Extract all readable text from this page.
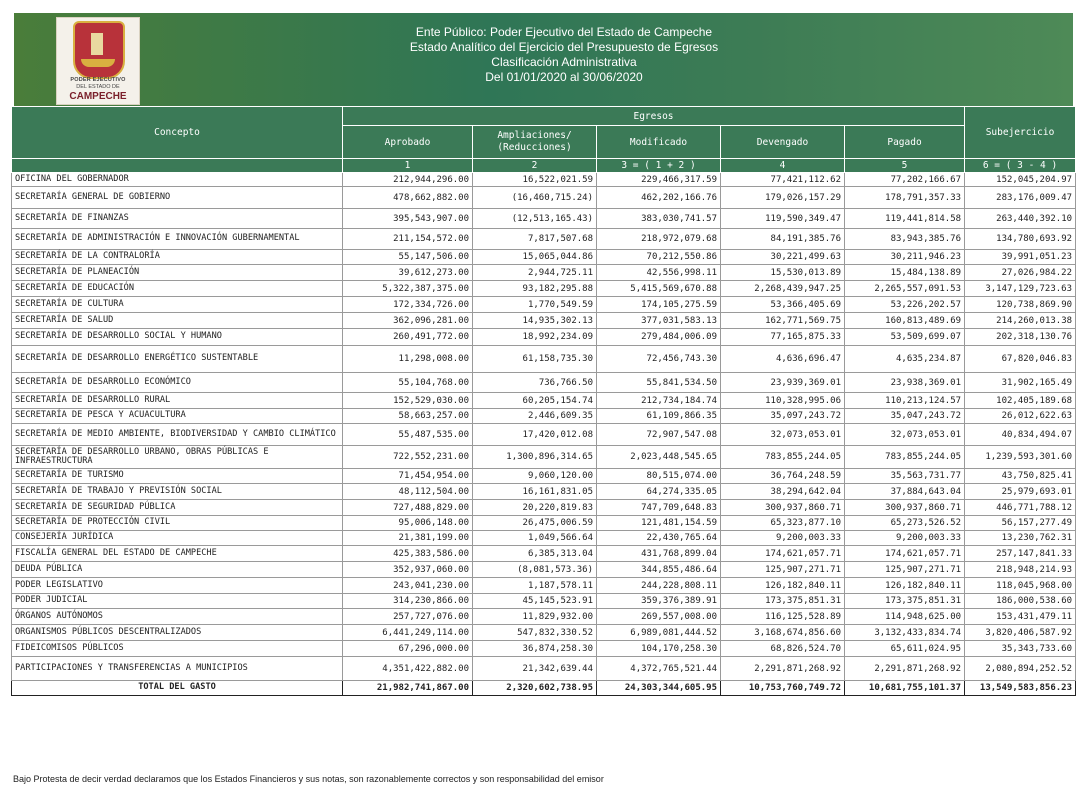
PODER EJECUTIVO
DEL ESTADO DE
CAMPECHE
Ente Público: Poder Ejecutivo del Estado de Campeche
Estado Analítico del Ejercicio del Presupuesto de Egresos
Clasificación Administrativa
Del 01/01/2020 al 30/06/2020
Concepto	Egresos					Subejercicio
	Aprobado	Ampliaciones/ (Reducciones)	Modificado	Devengado	Pagado	
	1	2	3 = ( 1 + 2 )	4	5	6 = ( 3 - 4 )
OFICINA DEL GOBERNADOR	212,944,296.00	16,522,021.59	229,466,317.59	77,421,112.62	77,202,166.67	152,045,204.97
SECRETARÍA GENERAL DE GOBIERNO	478,662,882.00	(16,460,715.24)	462,202,166.76	179,026,157.29	178,791,357.33	283,176,009.47
SECRETARÍA DE FINANZAS	395,543,907.00	(12,513,165.43)	383,030,741.57	119,590,349.47	119,441,814.58	263,440,392.10
SECRETARÍA DE ADMINISTRACIÓN E INNOVACIÓN GUBERNAMENTAL	211,154,572.00	7,817,507.68	218,972,079.68	84,191,385.76	83,943,385.76	134,780,693.92
SECRETARÍA DE LA CONTRALORÍA	55,147,506.00	15,065,044.86	70,212,550.86	30,221,499.63	30,211,946.23	39,991,051.23
SECRETARÍA DE PLANEACIÓN	39,612,273.00	2,944,725.11	42,556,998.11	15,530,013.89	15,484,138.89	27,026,984.22
SECRETARÍA DE EDUCACIÓN	5,322,387,375.00	93,182,295.88	5,415,569,670.88	2,268,439,947.25	2,265,557,091.53	3,147,129,723.63
SECRETARÍA DE CULTURA	172,334,726.00	1,770,549.59	174,105,275.59	53,366,405.69	53,226,202.57	120,738,869.90
SECRETARÍA DE SALUD	362,096,281.00	14,935,302.13	377,031,583.13	162,771,569.75	160,813,489.69	214,260,013.38
SECRETARÍA DE DESARROLLO SOCIAL Y HUMANO	260,491,772.00	18,992,234.09	279,484,006.09	77,165,875.33	53,509,699.07	202,318,130.76
SECRETARÍA DE DESARROLLO ENERGÉTICO SUSTENTABLE	11,298,008.00	61,158,735.30	72,456,743.30	4,636,696.47	4,635,234.87	67,820,046.83
SECRETARÍA DE DESARROLLO ECONÓMICO	55,104,768.00	736,766.50	55,841,534.50	23,939,369.01	23,938,369.01	31,902,165.49
SECRETARÍA DE DESARROLLO RURAL	152,529,030.00	60,205,154.74	212,734,184.74	110,328,995.06	110,213,124.57	102,405,189.68
SECRETARÍA DE PESCA Y ACUACULTURA	58,663,257.00	2,446,609.35	61,109,866.35	35,097,243.72	35,047,243.72	26,012,622.63
SECRETARÍA DE MEDIO AMBIENTE, BIODIVERSIDAD Y CAMBIO CLIMÁTICO	55,487,535.00	17,420,012.08	72,907,547.08	32,073,053.01	32,073,053.01	40,834,494.07
SECRETARÍA DE DESARROLLO URBANO, OBRAS PÚBLICAS E INFRAESTRUCTURA	722,552,231.00	1,300,896,314.65	2,023,448,545.65	783,855,244.05	783,855,244.05	1,239,593,301.60
SECRETARÍA DE TURISMO	71,454,954.00	9,060,120.00	80,515,074.00	36,764,248.59	35,563,731.77	43,750,825.41
SECRETARÍA DE TRABAJO Y PREVISIÓN SOCIAL	48,112,504.00	16,161,831.05	64,274,335.05	38,294,642.04	37,884,643.04	25,979,693.01
SECRETARÍA DE SEGURIDAD PÚBLICA	727,488,829.00	20,220,819.83	747,709,648.83	300,937,860.71	300,937,860.71	446,771,788.12
SECRETARÍA DE PROTECCIÓN CIVIL	95,006,148.00	26,475,006.59	121,481,154.59	65,323,877.10	65,273,526.52	56,157,277.49
CONSEJERÍA JURÍDICA	21,381,199.00	1,049,566.64	22,430,765.64	9,200,003.33	9,200,003.33	13,230,762.31
FISCALÍA GENERAL DEL ESTADO DE CAMPECHE	425,383,586.00	6,385,313.04	431,768,899.04	174,621,057.71	174,621,057.71	257,147,841.33
DEUDA PÚBLICA	352,937,060.00	(8,081,573.36)	344,855,486.64	125,907,271.71	125,907,271.71	218,948,214.93
PODER LEGISLATIVO	243,041,230.00	1,187,578.11	244,228,808.11	126,182,840.11	126,182,840.11	118,045,968.00
PODER JUDICIAL	314,230,866.00	45,145,523.91	359,376,389.91	173,375,851.31	173,375,851.31	186,000,538.60
ÓRGANOS AUTÓNOMOS	257,727,076.00	11,829,932.00	269,557,008.00	116,125,528.89	114,948,625.00	153,431,479.11
ORGANISMOS PÚBLICOS DESCENTRALIZADOS	6,441,249,114.00	547,832,330.52	6,989,081,444.52	3,168,674,856.60	3,132,433,834.74	3,820,406,587.92
FIDEICOMISOS PÚBLICOS	67,296,000.00	36,874,258.30	104,170,258.30	68,826,524.70	65,611,024.95	35,343,733.60
PARTICIPACIONES Y TRANSFERENCIAS A MUNICIPIOS	4,351,422,882.00	21,342,639.44	4,372,765,521.44	2,291,871,268.92	2,291,871,268.92	2,080,894,252.52
TOTAL DEL GASTO	21,982,741,867.00	2,320,602,738.95	24,303,344,605.95	10,753,760,749.72	10,681,755,101.37	13,549,583,856.23
Bajo Protesta de decir verdad declaramos que los Estados Financieros y sus notas, son razonablemente correctos y son responsabilidad del emisor
